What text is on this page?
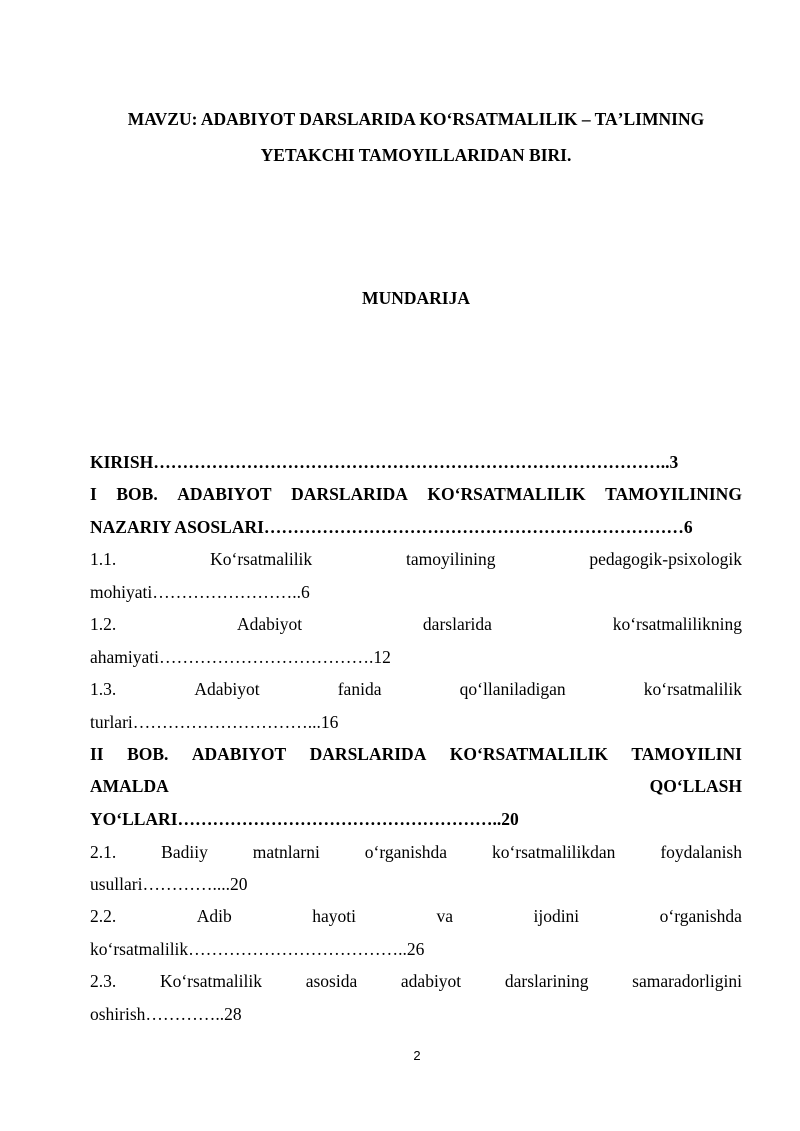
MAVZU: ADABIYOT DARSLARIDA KOʻRSATMALILIK – TAʼLIMNING
YETAKCHI TAMOYILLARIDAN BIRI.
MUNDARIJA
KIRISH……………………………………………………………………………..3
I BOB. ADABIYOT DARSLARIDA KOʻRSATMALILIK TAMOYILINING
NAZARIY ASOSLARI………………………………………………………………6
1.1.	Koʻrsatmalilik	tamoyilining	pedagogik-psixologik
mohiyati……………………..6
1.2.	Adabiyot	darslarida	koʻrsatmalilikning
ahamiyati……………………………….12
1.3.	Adabiyot	fanida	qoʻllaniladigan	koʻrsatmalilik
turlari…………………………...16
II BOB. ADABIYOT DARSLARIDA KOʻRSATMALILIK TAMOYILINI
AMALDA	QOʻLLASH
YOʻLLARI………………………………………………..20
2.1.	Badiiy	matnlarni	oʻrganishda	koʻrsatmalilikdan	foydalanish
usullari…………....20
2.2.	Adib	hayoti	va	ijodini	oʻrganishda
koʻrsatmalilik………………………………..26
2.3. Koʻrsatmalilik asosida adabiyot darslarining samaradorligini
oshirish…………..28
2
